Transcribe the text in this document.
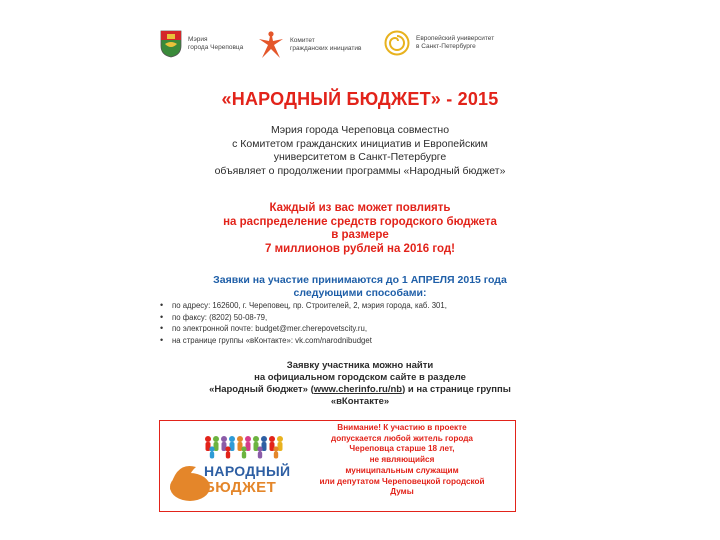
Мэрия
города Череповца
Комитет
гражданских инициатив
Европейский университет
в Санкт-Петербурге
«НАРОДНЫЙ БЮДЖЕТ» - 2015
Мэрия города Череповца совместно
с Комитетом гражданских инициатив и Европейским
университетом в Санкт-Петербурге
объявляет о продолжении программы «Народный бюджет»
Каждый из вас может повлиять
на распределение средств городского бюджета
в размере
7 миллионов рублей на 2016 год!
Заявки на участие принимаются до 1 АПРЕЛЯ 2015 года
следующими способами:
• по адресу: 162600, г. Череповец, пр. Строителей, 2, мэрия города, каб. 301,
• по факсу: (8202) 50-08-79,
• по электронной почте: budget@mer.cherepovetscity.ru,
• на странице группы «вКонтакте»: vk.com/narodnibudget
Заявку участника можно найти
на официальном городском сайте в разделе
«Народный бюджет» (www.cherinfo.ru/nb) и на странице группы
«вКонтакте»
НАРОДНЫЙ
БЮДЖЕТ
Внимание! К участию в проекте
допускается любой житель города
Череповца старше 18 лет,
не являющийся
муниципальным служащим
или депутатом Череповецкой городской
Думы
